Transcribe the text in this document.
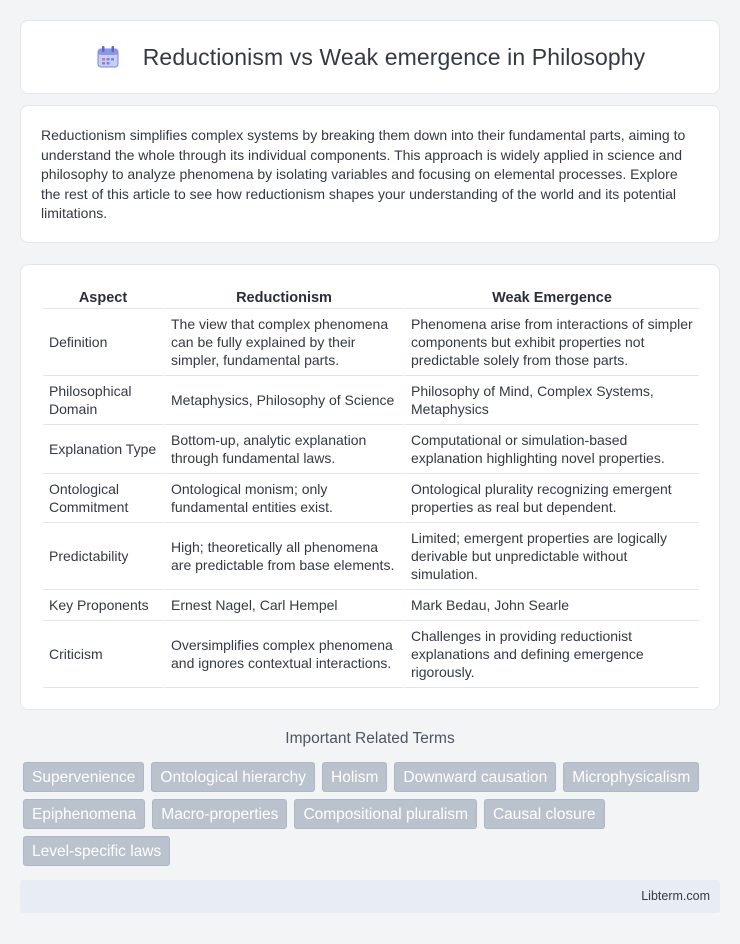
Reductionism vs Weak emergence in Philosophy

Reductionism simplifies complex systems by breaking them down into their fundamental parts, aiming to understand the whole through its individual components. This approach is widely applied in science and philosophy to analyze phenomena by isolating variables and focusing on elemental processes. Explore the rest of this article to see how reductionism shapes your understanding of the world and its potential limitations.

Aspect	Reductionism	Weak Emergence
Definition	The view that complex phenomena can be fully explained by their simpler, fundamental parts.	Phenomena arise from interactions of simpler components but exhibit properties not predictable solely from those parts.
Philosophical Domain	Metaphysics, Philosophy of Science	Philosophy of Mind, Complex Systems, Metaphysics
Explanation Type	Bottom-up, analytic explanation through fundamental laws.	Computational or simulation-based explanation highlighting novel properties.
Ontological Commitment	Ontological monism; only fundamental entities exist.	Ontological plurality recognizing emergent properties as real but dependent.
Predictability	High; theoretically all phenomena are predictable from base elements.	Limited; emergent properties are logically derivable but unpredictable without simulation.
Key Proponents	Ernest Nagel, Carl Hempel	Mark Bedau, John Searle
Criticism	Oversimplifies complex phenomena and ignores contextual interactions.	Challenges in providing reductionist explanations and defining emergence rigorously.
Important Related Terms
Supervenience	Ontological hierarchy	Holism	Downward causation	Microphysicalism
Epiphenomena	Macro-properties	Compositional pluralism	Causal closure
Level-specific laws
Libterm.com
